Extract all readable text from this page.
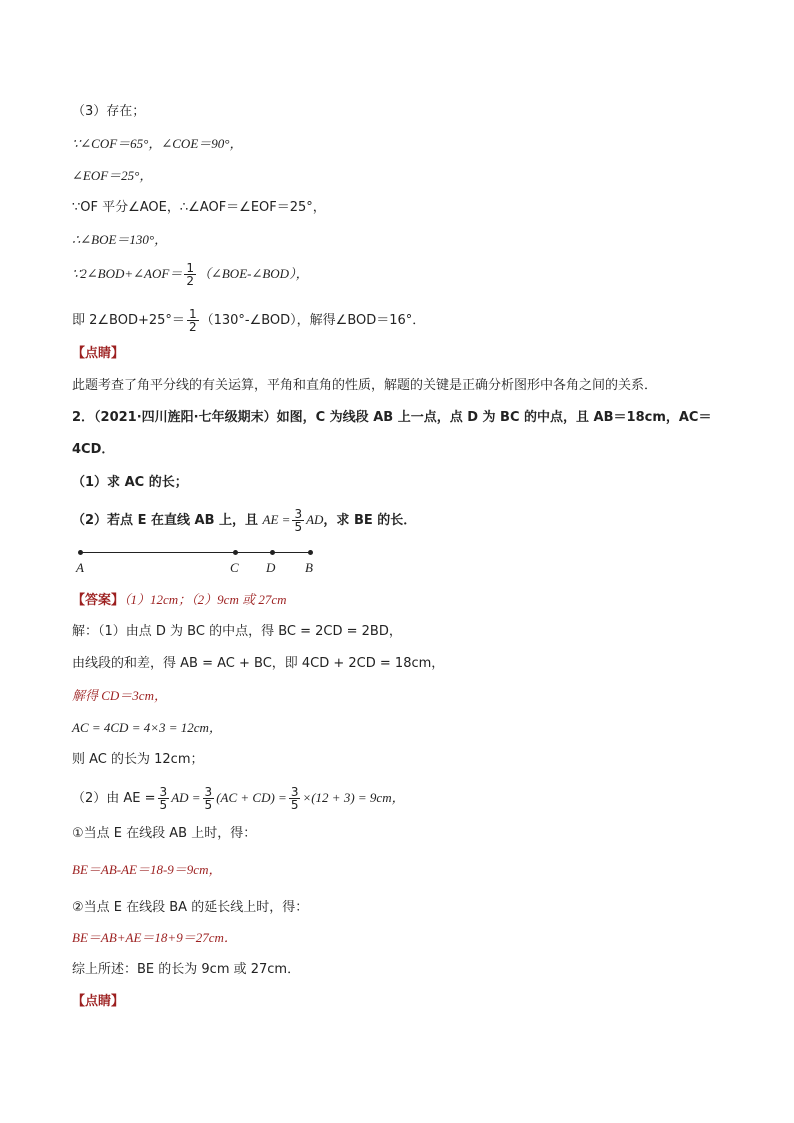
（3）存在；
∵∠COF＝65°，∠COE＝90°，
∠EOF＝25°，
∵OF 平分∠AOE，∴∠AOF＝∠EOF＝25°，
∴∠BOE＝130°，
∵2∠BOD+∠AOF＝ $\frac{1}{2}$ （∠BOE-∠BOD），
即 2∠BOD+25°＝ $\frac{1}{2}$ （130°-∠BOD），解得∠BOD＝16°．
【点睛】
此题考查了角平分线的有关运算，平角和直角的性质，解题的关键是正确分析图形中各角之间的关系．
2．（2021·四川旌阳·七年级期末）如图，C 为线段 AB 上一点，点 D 为 BC 的中点，且 AB＝18cm，AC＝
4CD．
（1）求 AC 的长；
（2）若点 E 在直线 AB 上，且 AE = $\frac{3}{5}$ AD，求 BE 的长．
A	C D B
【答案】（1）12cm；（2）9cm 或 27cm
解：（1）由点 D 为 BC 的中点，得 BC = 2CD = 2BD，
由线段的和差，得 AB = AC + BC，即 4CD + 2CD = 18cm，
解得 CD＝3cm，
AC = 4CD = 4×3 = 12cm，
则 AC 的长为 12cm；
（2）由 AE = $\frac{3}{5}$ AD = $\frac{3}{5} (AC + CD) = \frac{3}{5} \times(12 + 3) = 9cm$，
①当点 E 在线段 AB 上时，得：
BE＝AB-AE＝18-9＝9cm，
②当点 E 在线段 BA 的延长线上时，得：
BE＝AB+AE＝18+9＝27cm．
综上所述：BE 的长为 9cm 或 27cm．
【点睛】
